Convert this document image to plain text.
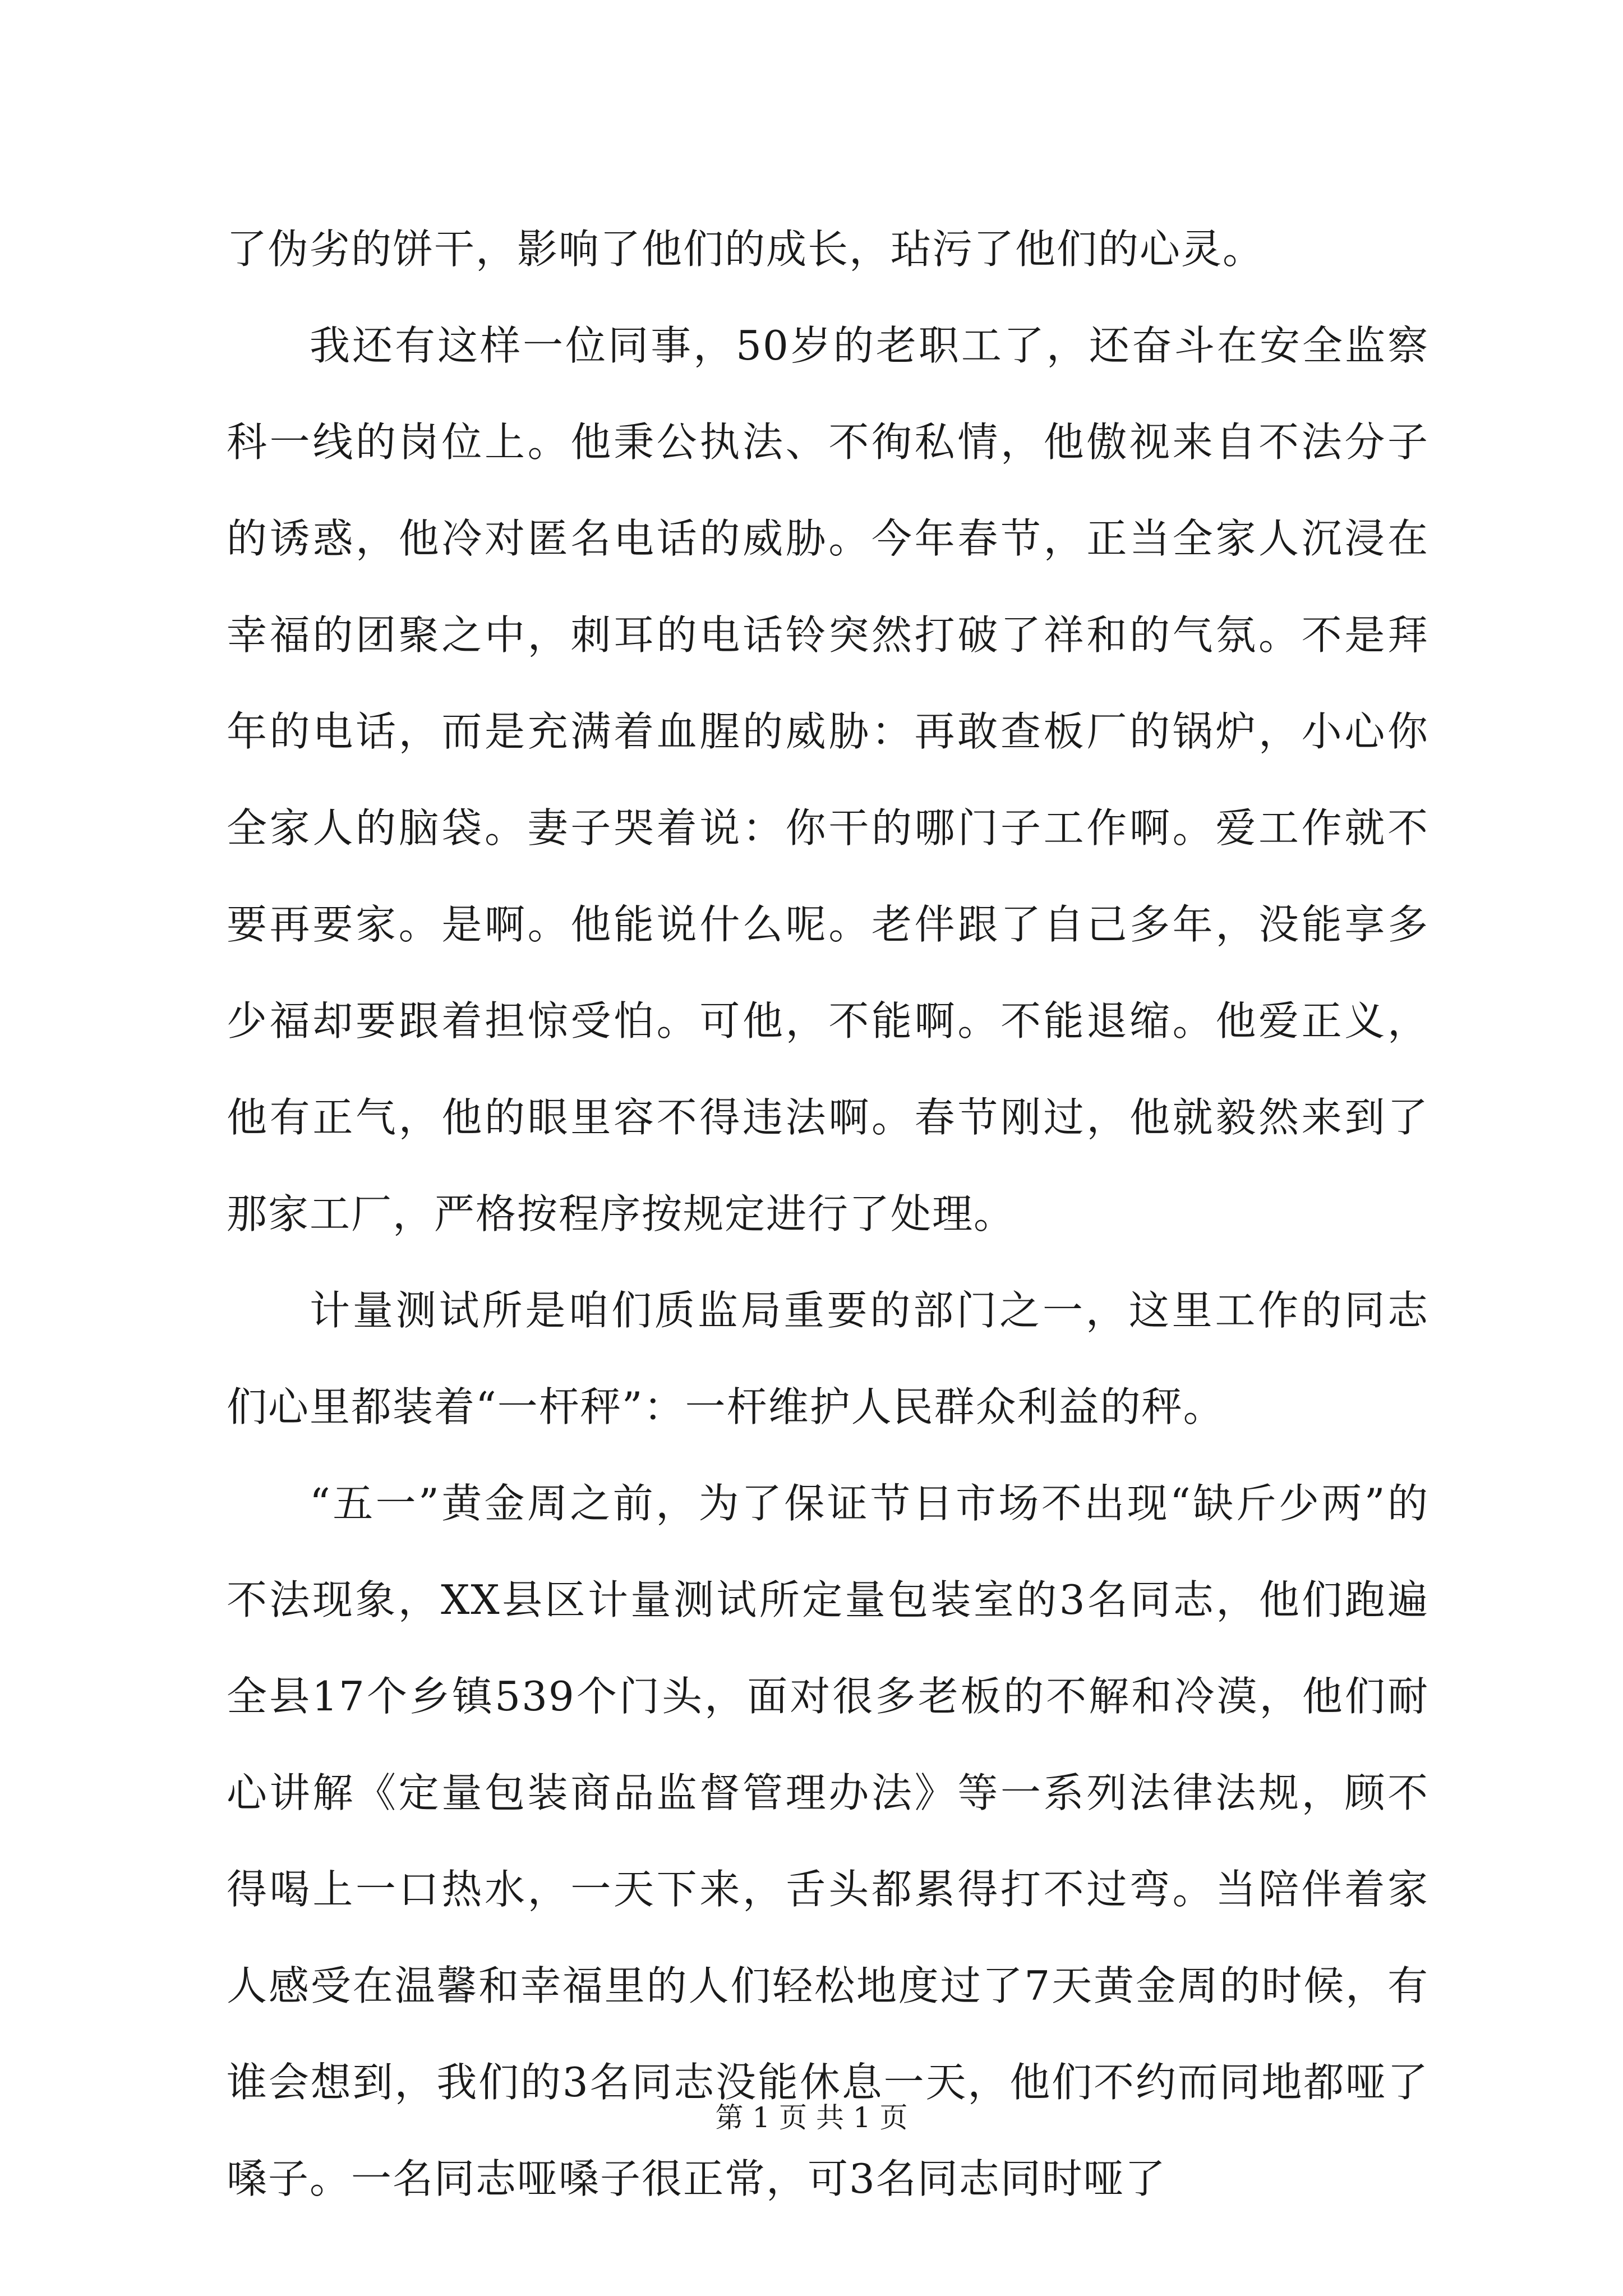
了伪劣的饼干，影响了他们的成长，玷污了他们的心灵。

我还有这样一位同事，50岁的老职工了，还奋斗在安全监察科一线的岗位上。他秉公执法、不徇私情，他傲视来自不法分子的诱惑，他冷对匿名电话的威胁。今年春节，正当全家人沉浸在幸福的团聚之中，刺耳的电话铃突然打破了祥和的气氛。不是拜年的电话，而是充满着血腥的威胁：再敢查板厂的锅炉，小心你全家人的脑袋。妻子哭着说：你干的哪门子工作啊。爱工作就不要再要家。是啊。他能说什么呢。老伴跟了自己多年，没能享多少福却要跟着担惊受怕。可他，不能啊。不能退缩。他爱正义，他有正气，他的眼里容不得违法啊。春节刚过，他就毅然来到了那家工厂，严格按程序按规定进行了处理。

计量测试所是咱们质监局重要的部门之一，这里工作的同志们心里都装着“一杆秤”：一杆维护人民群众利益的秤。

“五一”黄金周之前，为了保证节日市场不出现“缺斤少两”的不法现象，XX县区计量测试所定量包装室的3名同志，他们跑遍全县17个乡镇539个门头，面对很多老板的不解和冷漠，他们耐心讲解《定量包装商品监督管理办法》等一系列法律法规，顾不得喝上一口热水，一天下来，舌头都累得打不过弯。当陪伴着家人感受在温馨和幸福里的人们轻松地度过了7天黄金周的时候，有谁会想到，我们的3名同志没能休息一天，他们不约而同地都哑了嗓子。一名同志哑嗓子很正常，可3名同志同时哑了

第 1 页 共 1 页
